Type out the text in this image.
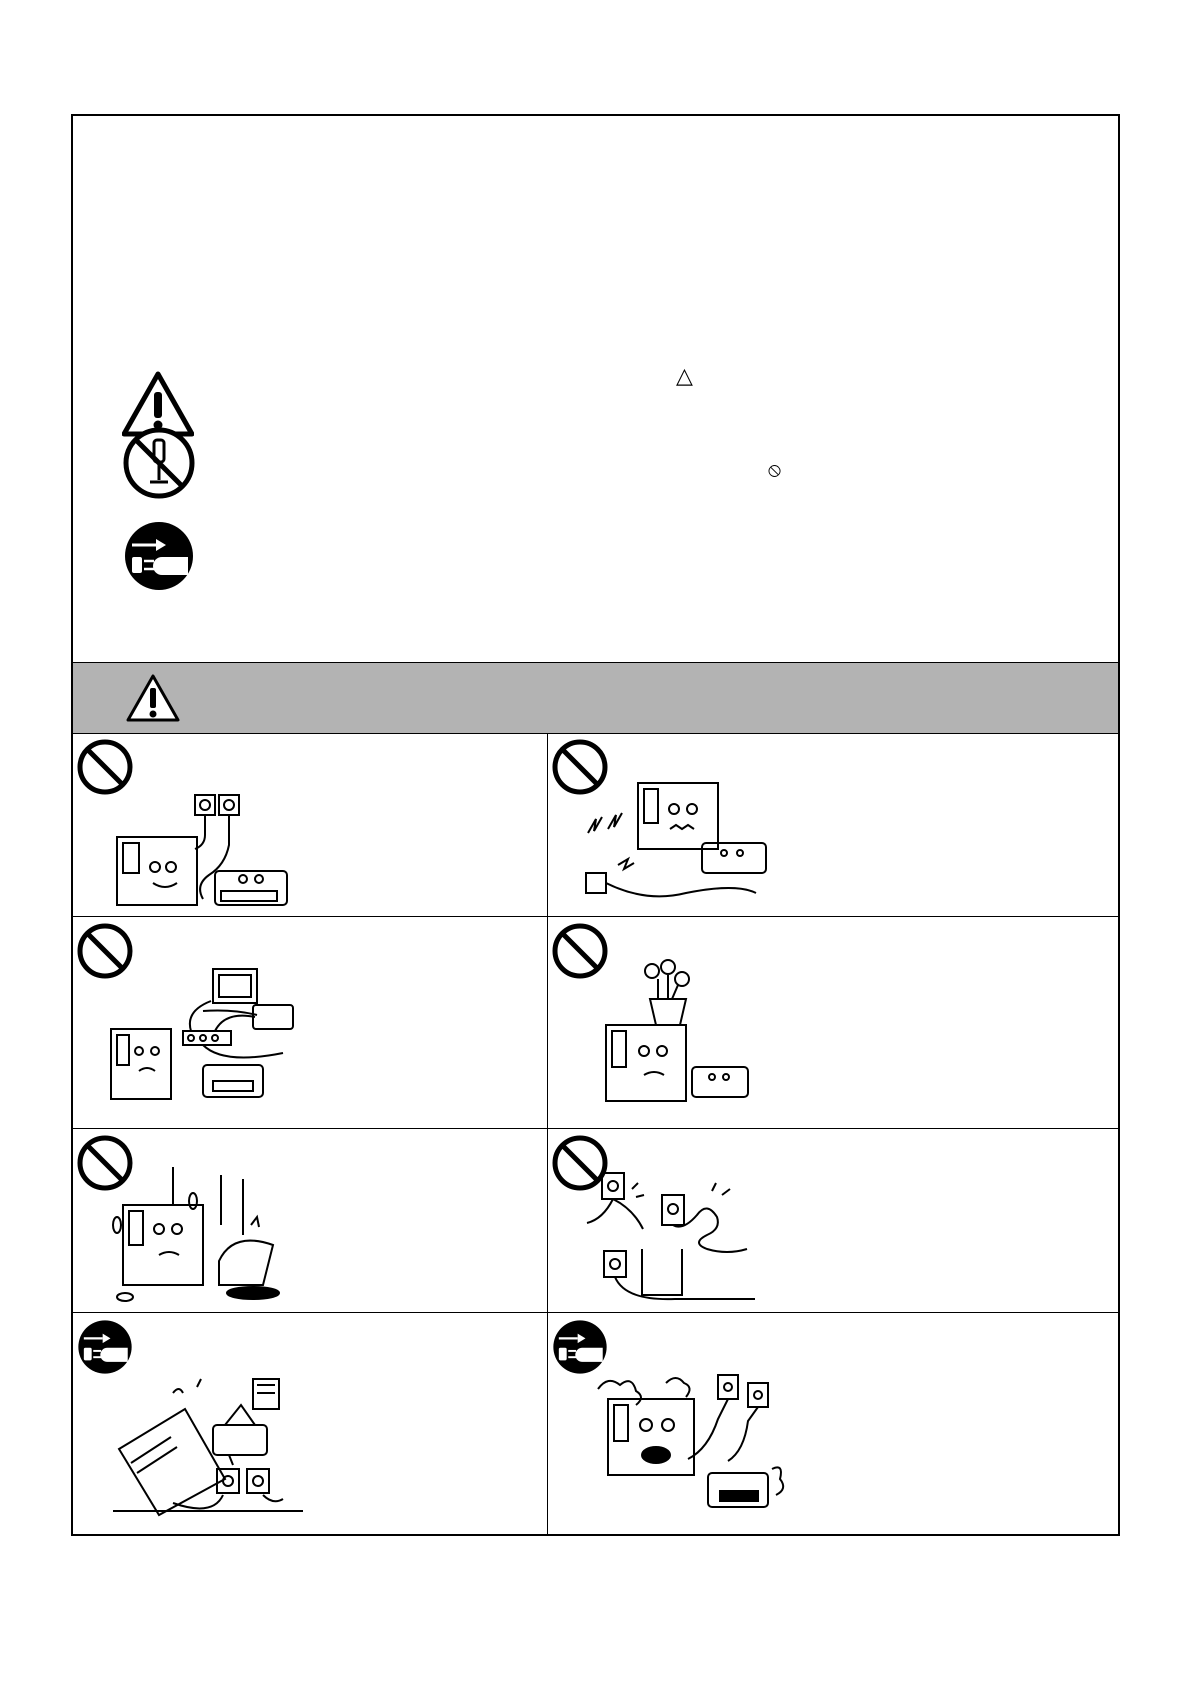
△
⦸
